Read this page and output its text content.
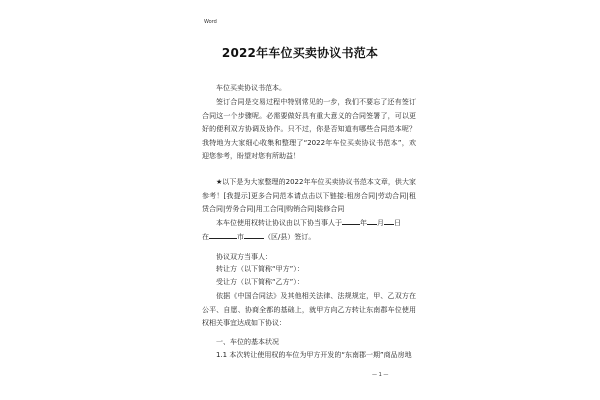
Word
2022年车位买卖协议书范本

车位买卖协议书范本。

签订合同是交易过程中特别常见的一步，我们不要忘了还有签订合同这一个步骤呢。必需要做好具有重大意义的合同签署了，可以更好的便利双方协调及协作。只不过，你是否知道有哪些合同范本呢？我特地为大家细心收集和整理了“2022年车位买卖协议书范本”，欢迎您参考，盼望对您有所助益！

★以下是为大家整理的2022年车位买卖协议书范本文章，供大家参考！[我提示]更多合同范本请点击以下链接:租房合同|劳动合同|租赁合同|劳务合同|用工合同|购销合同|装修合同

本车位使用权转让协议由以下协当事人于	年 月 日
在	市	（区/县）签订。

协议双方当事人：

转让方（以下简称“甲方”）：

受让方（以下简称“乙方”）：

依据《中国合同法》及其他相关法律、法规规定，甲、乙双方在公平、自愿、协商全都的基础上，就甲方向乙方转让东南郡车位使用权相关事宜达成如下协议：

一、车位的基本状况

1.1 本次转让使用权的车位为甲方开发的“东南郡一期”商品房地

— 1 —
